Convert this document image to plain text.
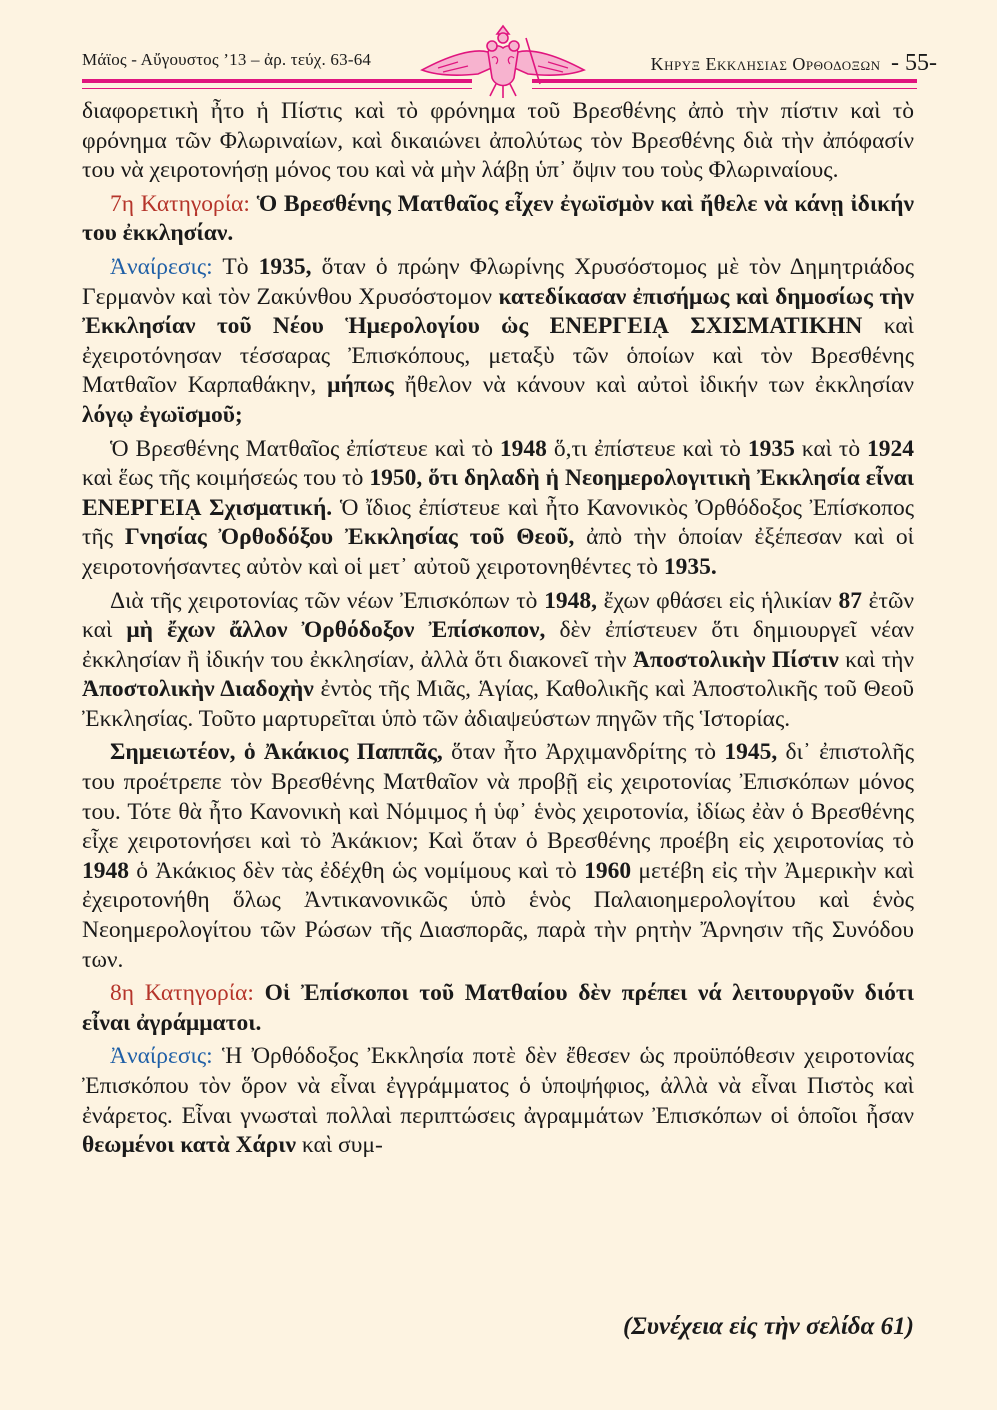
Μάϊος - Αὔγουστος ’13 – ἀρ. τεύχ. 63-64	Κηρυξ Εκκλησιας Ορθοδοξων - 55-

διαφορετικὴ ἦτο ἡ Πίστις καὶ τὸ φρόνημα τοῦ Βρεσθένης ἀπὸ τὴν πίστιν καὶ τὸ φρόνημα τῶν Φλωριναίων, καὶ δικαιώνει ἀπολύτως τὸν Βρεσθένης διὰ τὴν ἀπόφασίν του νὰ χειροτονήσῃ μόνος του καὶ νὰ μὴν λάβῃ ὑπ᾽ ὄψιν του τοὺς Φλωριναίους.

7η Κατηγορία: Ὁ Βρεσθένης Ματθαῖος εἶχεν ἐγωϊσμὸν καὶ ἤθελε νὰ κάνῃ ἰδικήν του ἐκκλησίαν.

Ἀναίρεσις: Τὸ 1935, ὅταν ὁ πρώην Φλωρίνης Χρυσόστομος μὲ τὸν Δημητριάδος Γερμανὸν καὶ τὸν Ζακύνθου Χρυσόστομον κατεδίκασαν ἐπισήμως καὶ δημοσίως τὴν Ἐκκλησίαν τοῦ Νέου Ἡμερολογίου ὡς ΕΝΕΡΓΕΙᾼ ΣΧΙΣΜΑΤΙΚΗΝ καὶ ἐχειροτόνησαν τέσσαρας Ἐπισκόπους, μεταξὺ τῶν ὁποίων καὶ τὸν Βρεσθένης Ματθαῖον Καρπαθάκην, μήπως ἤθελον νὰ κάνουν καὶ αὐτοὶ ἰδικήν των ἐκκλησίαν λόγῳ ἐγωϊσμοῦ;

Ὁ Βρεσθένης Ματθαῖος ἐπίστευε καὶ τὸ 1948 ὅ,τι ἐπίστευε καὶ τὸ 1935 καὶ τὸ 1924 καὶ ἕως τῆς κοιμήσεώς του τὸ 1950, ὅτι δηλαδὴ ἡ Νεοημερολογιτικὴ Ἐκκλησία εἶναι ΕΝΕΡΓΕΙᾼ Σχισματική. Ὁ ἴδιος ἐπίστευε καὶ ἦτο Κανονικὸς Ὀρθόδοξος Ἐπίσκοπος τῆς Γνησίας Ὀρθοδόξου Ἐκκλησίας τοῦ Θεοῦ, ἀπὸ τὴν ὁποίαν ἐξέπεσαν καὶ οἱ χειροτονήσαντες αὐτὸν καὶ οἱ μετ᾽ αὐτοῦ χειροτονηθέντες τὸ 1935.

Διὰ τῆς χειροτονίας τῶν νέων Ἐπισκόπων τὸ 1948, ἔχων φθάσει εἰς ἡλικίαν 87 ἐτῶν καὶ μὴ ἔχων ἄλλον Ὀρθόδοξον Ἐπίσκοπον, δὲν ἐπίστευεν ὅτι δημιουργεῖ νέαν ἐκκλησίαν ἢ ἰδικήν του ἐκκλησίαν, ἀλλὰ ὅτι διακονεῖ τὴν Ἀποστολικὴν Πίστιν καὶ τὴν Ἀποστολικὴν Διαδοχὴν ἐντὸς τῆς Μιᾶς, Ἁγίας, Καθολικῆς καὶ Ἀποστολικῆς τοῦ Θεοῦ Ἐκκλησίας. Τοῦτο μαρτυρεῖται ὑπὸ τῶν ἀδιαψεύστων πηγῶν τῆς Ἱστορίας.

Σημειωτέον, ὁ Ἀκάκιος Παππᾶς, ὅταν ἦτο Ἀρχιμανδρίτης τὸ 1945, δι᾽ ἐπιστολῆς του προέτρεπε τὸν Βρεσθένης Ματθαῖον νὰ προβῇ εἰς χειροτονίας Ἐπισκόπων μόνος του. Τότε θὰ ἦτο Κανονικὴ καὶ Νόμιμος ἡ ὑφ᾽ ἑνὸς χειροτονία, ἰδίως ἐὰν ὁ Βρεσθένης εἶχε χειροτονήσει καὶ τὸ Ἀκάκιον; Καὶ ὅταν ὁ Βρεσθένης προέβη εἰς χειροτονίας τὸ 1948 ὁ Ἀκάκιος δὲν τὰς ἐδέχθη ὡς νομίμους καὶ τὸ 1960 μετέβη εἰς τὴν Ἀμερικὴν καὶ ἐχειροτονήθη ὅλως Ἀντικανονικῶς ὑπὸ ἑνὸς Παλαιοημερολογίτου καὶ ἑνὸς Νεοημερολογίτου τῶν Ρώσων τῆς Διασπορᾶς, παρὰ τὴν ρητὴν Ἄρνησιν τῆς Συνόδου των.

8η Κατηγορία: Οἱ Ἐπίσκοποι τοῦ Ματθαίου δὲν πρέπει νά λειτουργοῦν διότι εἶναι ἀγράμματοι.

Ἀναίρεσις: Ἡ Ὀρθόδοξος Ἐκκλησία ποτὲ δὲν ἔθεσεν ὡς προϋπόθεσιν χειροτονίας Ἐπισκόπου τὸν ὅρον νὰ εἶναι ἐγγράμματος ὁ ὑποψήφιος, ἀλλὰ νὰ εἶναι Πιστὸς καὶ ἐνάρετος. Εἶναι γνωσταὶ πολλαὶ περιπτώσεις ἀγραμμάτων Ἐπισκόπων οἱ ὁποῖοι ἦσαν θεωμένοι κατὰ Χάριν καὶ συμ-

(Συνέχεια εἰς τὴν σελίδα 61)
